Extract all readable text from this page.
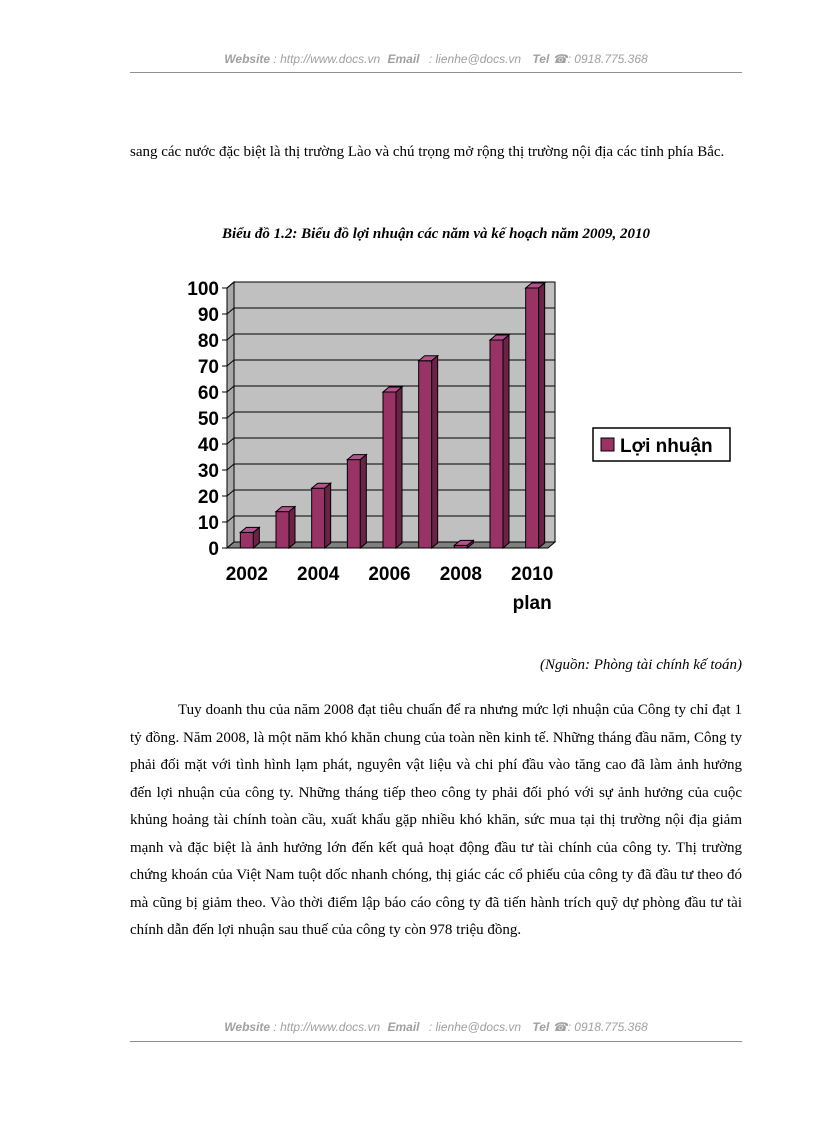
Website : http://www.docs.vn Email : lienhe@docs.vn Tel ☎: 0918.775.368
sang các nước đặc biệt là thị trường Lào và chú trọng mở rộng thị trường nội địa các tỉnh phía Bắc.
Biểu đồ 1.2: Biểu đồ lợi nhuận các năm và kế hoạch năm 2009, 2010
0
10
20
30
40
50
60
70
80
90
100
2002 2004 2006 2008 2010
plan
Lợi nhuận
(Nguồn: Phòng tài chính kế toán)
Tuy doanh thu của năm 2008 đạt tiêu chuẩn để ra nhưng mức lợi nhuận của Công ty chỉ đạt 1 tỷ đồng. Năm 2008, là một năm khó khăn chung của toàn nền kinh tế. Những tháng đầu năm, Công ty phải đối mặt với tình hình lạm phát, nguyên vật liệu và chi phí đầu vào tăng cao đã làm ảnh hưởng đến lợi nhuận của công ty. Những tháng tiếp theo công ty phải đối phó với sự ảnh hưởng của cuộc khủng hoảng tài chính toàn cầu, xuất khẩu gặp nhiều khó khăn, sức mua tại thị trường nội địa giảm mạnh và đặc biệt là ảnh hưởng lớn đến kết quả hoạt động đầu tư tài chính của công ty. Thị trường chứng khoán của Việt Nam tuột dốc nhanh chóng, thị giác các cổ phiếu của công ty đã đầu tư theo đó mà cũng bị giảm theo. Vào thời điểm lập báo cáo công ty đã tiến hành trích quỹ dự phòng đầu tư tài chính dẫn đến lợi nhuận sau thuế của công ty còn 978 triệu đồng.
Website : http://www.docs.vn Email : lienhe@docs.vn Tel ☎: 0918.775.368
